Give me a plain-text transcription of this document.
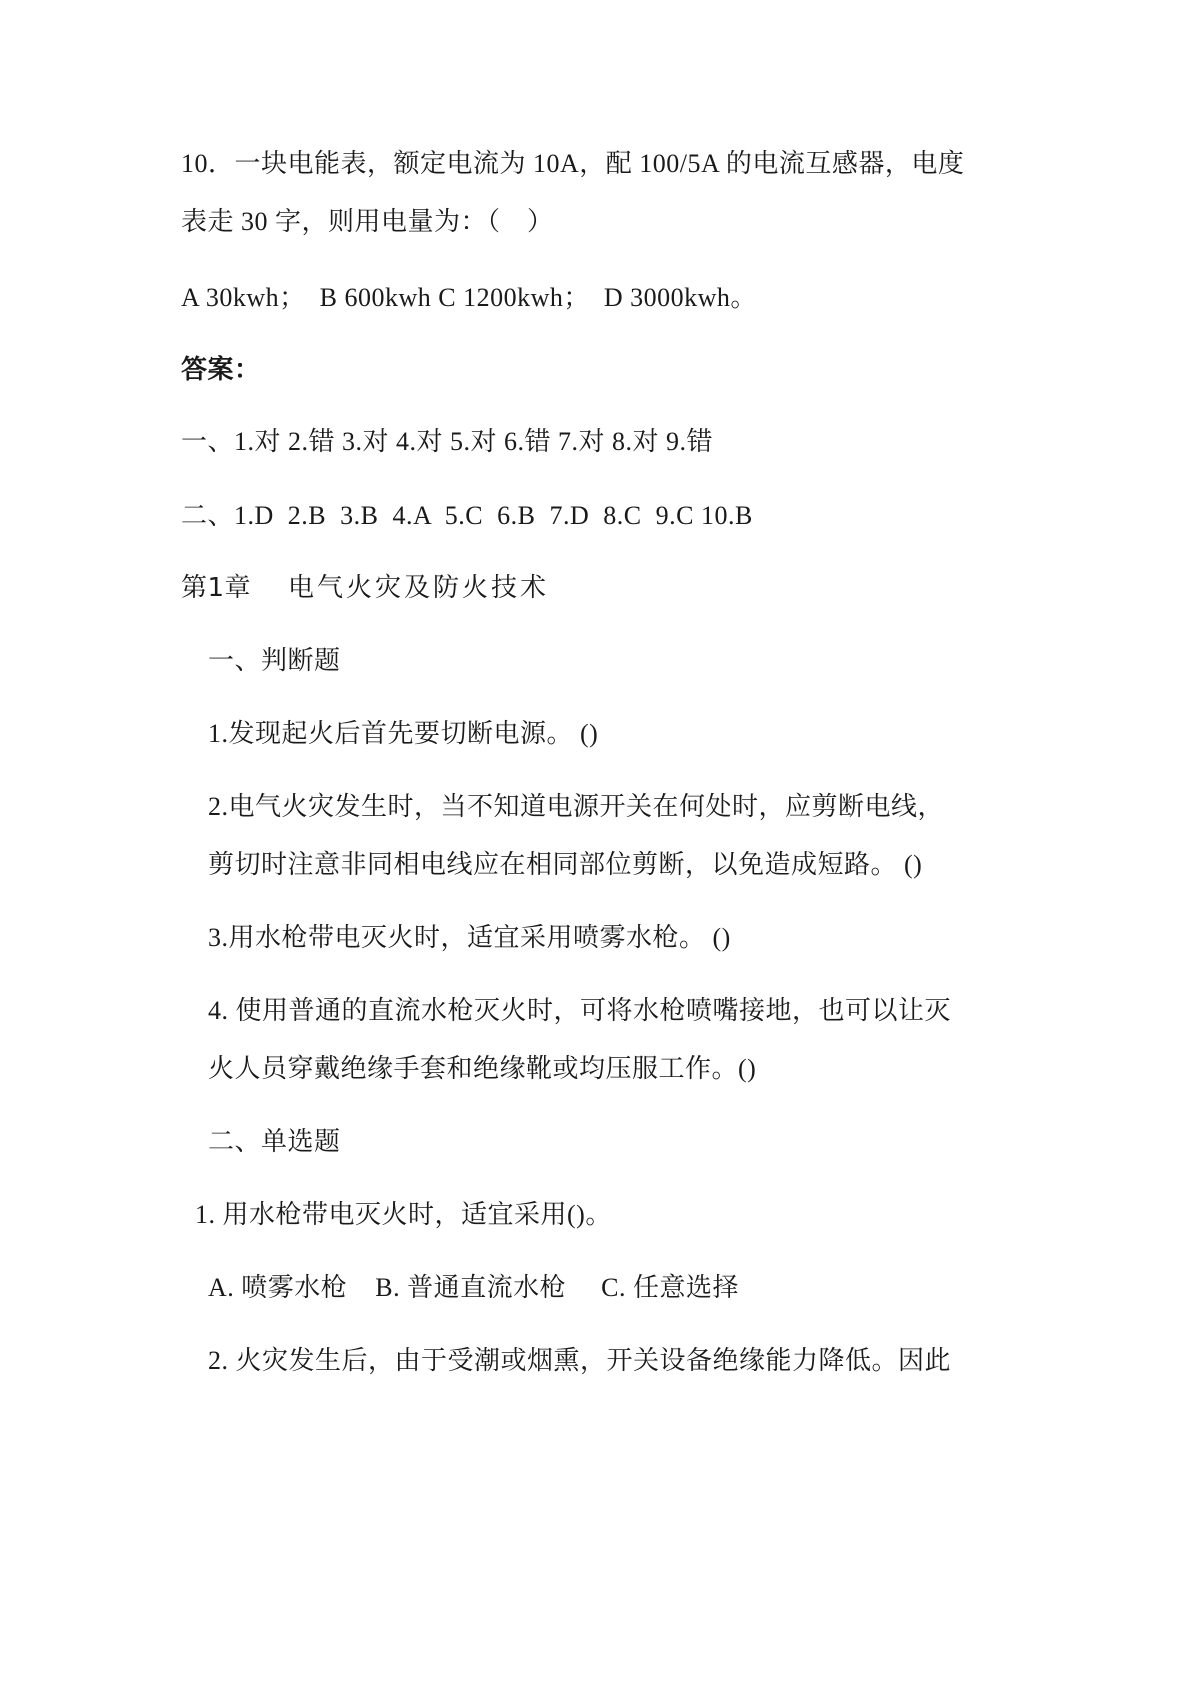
10．一块电能表，额定电流为 10A，配 100/5A 的电流互感器，电度
表走 30 字，则用电量为：（　）
A 30kwh；  B 600kwh C 1200kwh；  D 3000kwh。
答案：
一、1.对 2.错 3.对 4.对 5.对 6.错 7.对 8.对 9.错
二、1.D  2.B  3.B  4.A  5.C  6.B  7.D  8.C  9.C 10.B
第1章 电气火灾及防火技术
一、判断题
1.发现起火后首先要切断电源。 ()
2.电气火灾发生时，当不知道电源开关在何处时，应剪断电线，
剪切时注意非同相电线应在相同部位剪断，以免造成短路。 ()
3.用水枪带电灭火时，适宜采用喷雾水枪。 ()
4. 使用普通的直流水枪灭火时，可将水枪喷嘴接地，也可以让灭
火人员穿戴绝缘手套和绝缘靴或均压服工作。()
二、单选题
1. 用水枪带电灭火时，适宜采用()。
A. 喷雾水枪    B. 普通直流水枪     C. 任意选择
2. 火灾发生后，由于受潮或烟熏，开关设备绝缘能力降低。因此
